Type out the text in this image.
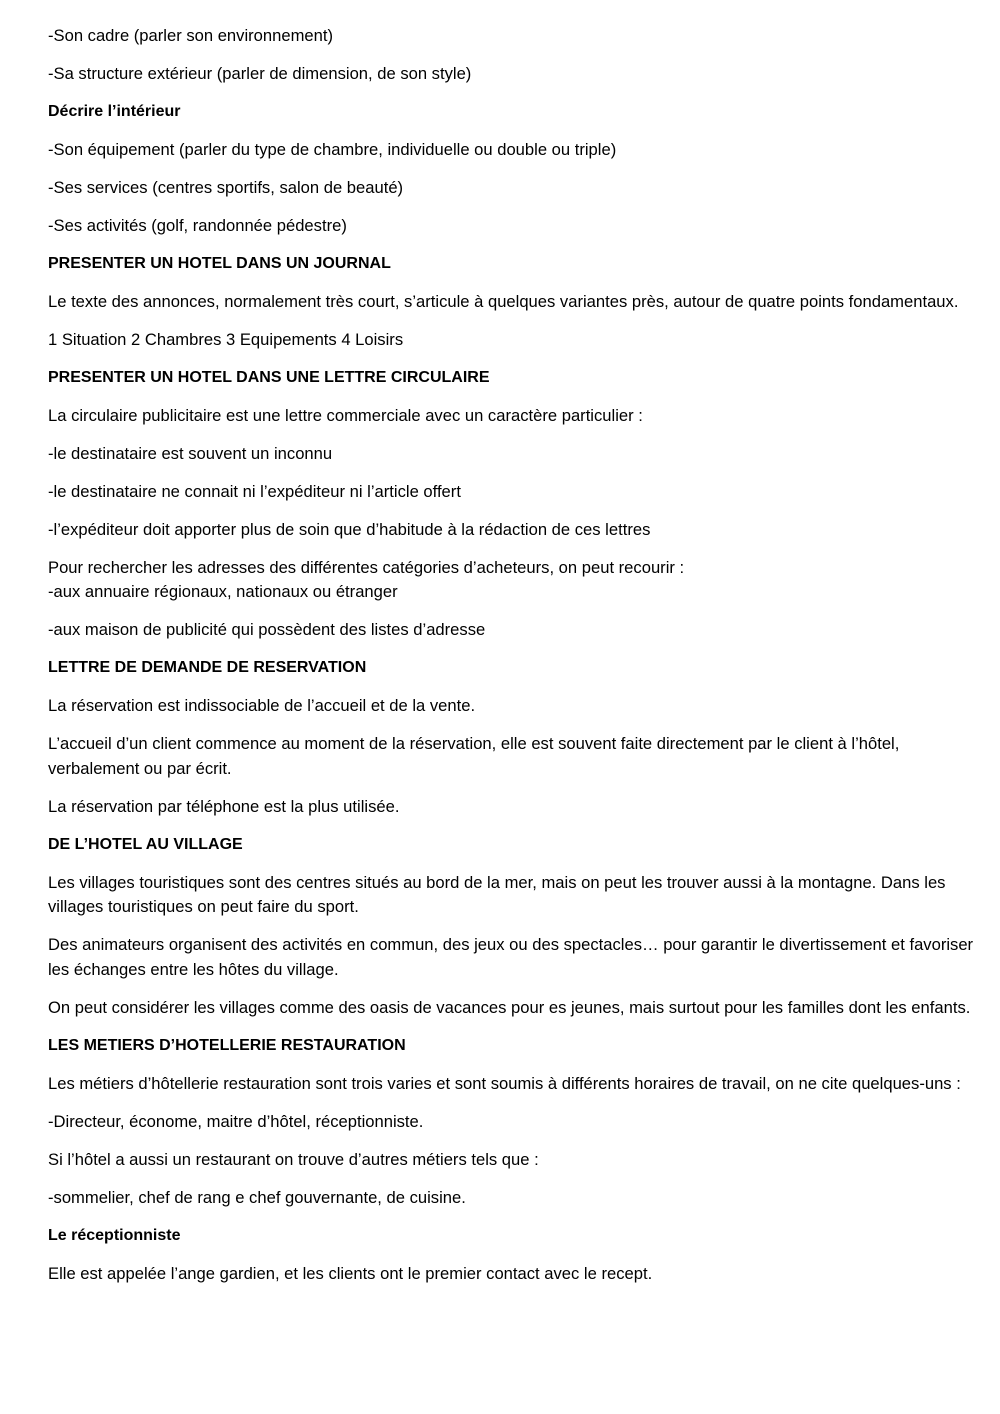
-Son cadre (parler son environnement)

-Sa structure extérieur (parler de dimension, de son style)

Décrire l’intérieur

-Son équipement (parler du type de chambre, individuelle ou double ou triple)

-Ses services (centres sportifs, salon de beauté)

-Ses activités (golf, randonnée pédestre)

PRESENTER UN HOTEL DANS UN JOURNAL

Le texte des annonces, normalement très court, s’articule à quelques variantes près, autour de quatre points fondamentaux.

1 Situation 2 Chambres 3 Equipements 4 Loisirs

PRESENTER UN HOTEL DANS UNE LETTRE CIRCULAIRE

La circulaire publicitaire est une lettre commerciale avec un caractère particulier :

-le destinataire est souvent un inconnu

-le destinataire ne connait ni l’expéditeur ni l’article offert

-l’expéditeur doit apporter plus de soin que d’habitude à la rédaction de ces lettres

Pour rechercher les adresses des différentes catégories d’acheteurs, on peut recourir :
-aux annuaire régionaux, nationaux ou étranger

-aux maison de publicité qui possèdent des listes d’adresse

LETTRE DE DEMANDE DE RESERVATION

La réservation est indissociable de l’accueil et de la vente.

L’accueil d’un client commence au moment de la réservation, elle est souvent faite directement par le client à l’hôtel, verbalement ou par écrit.

La réservation par téléphone est la plus utilisée.

DE L’HOTEL AU VILLAGE

Les villages touristiques sont des centres situés au bord de la mer, mais on peut les trouver aussi à la montagne. Dans les villages touristiques on peut faire du sport.

Des animateurs organisent des activités en commun, des jeux ou des spectacles… pour garantir le divertissement et favoriser les échanges entre les hôtes du village.

On peut considérer les villages comme des oasis de vacances pour es jeunes, mais surtout pour les familles dont les enfants.

LES METIERS D’HOTELLERIE RESTAURATION

Les métiers d’hôtellerie restauration sont trois varies et sont soumis à différents horaires de travail, on ne cite quelques-uns :

-Directeur, économe, maitre d’hôtel, réceptionniste.

Si l’hôtel a aussi un restaurant on trouve d’autres métiers tels que :

-sommelier, chef de rang e chef gouvernante, de cuisine.

Le réceptionniste

Elle est appelée l’ange gardien, et les clients ont le premier contact avec le recept.
